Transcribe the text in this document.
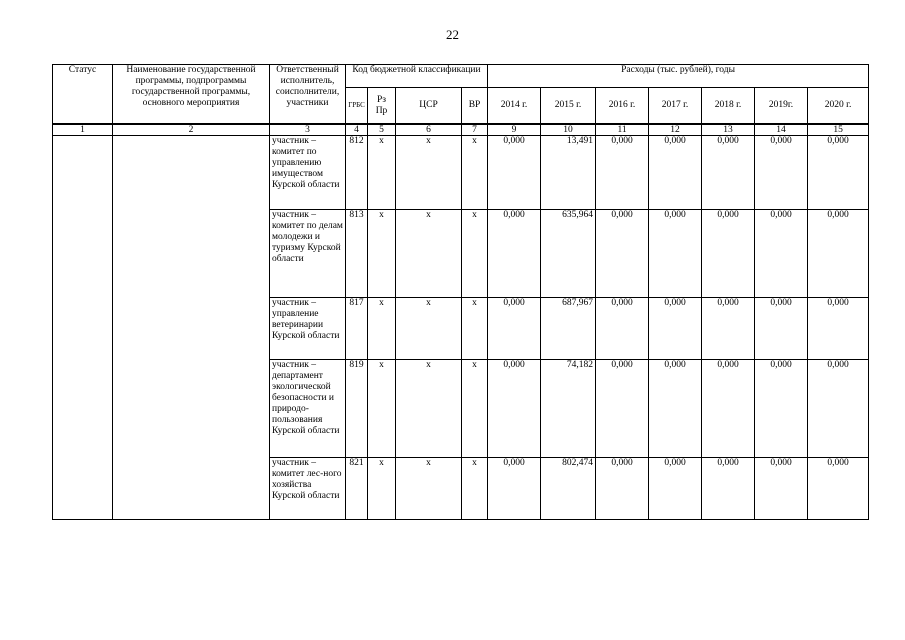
22
Статус	Наименование государственной программы, подпрограммы государственной программы, основного мероприятия	Ответственный исполнитель, соисполнители, участники	Код бюджетной классификации				Расходы (тыс. рублей), годы						
			ГРБС	Рз Пр	ЦСР	ВР	2014 г.	2015 г.	2016 г.	2017 г.	2018 г.	2019г.	2020 г.
1	2	3	4	5	6	7	9	10	11	12	13	14	15
		участник – комитет по управлению имуществом Курской области	812	х	х	х	0,000	13,491	0,000	0,000	0,000	0,000	0,000
		участник – комитет по делам молодежи и туризму Курской области	813	х	х	х	0,000	635,964	0,000	0,000	0,000	0,000	0,000
		участник – управление ветеринарии Курской области	817	х	х	х	0,000	687,967	0,000	0,000	0,000	0,000	0,000
		участник – департамент экологической безопасности и природо-пользования Курской области	819	х	х	х	0,000	74,182	0,000	0,000	0,000	0,000	0,000
		участник – комитет лес-ного хозяйства Курской области	821	х	х	х	0,000	802,474	0,000	0,000	0,000	0,000	0,000
